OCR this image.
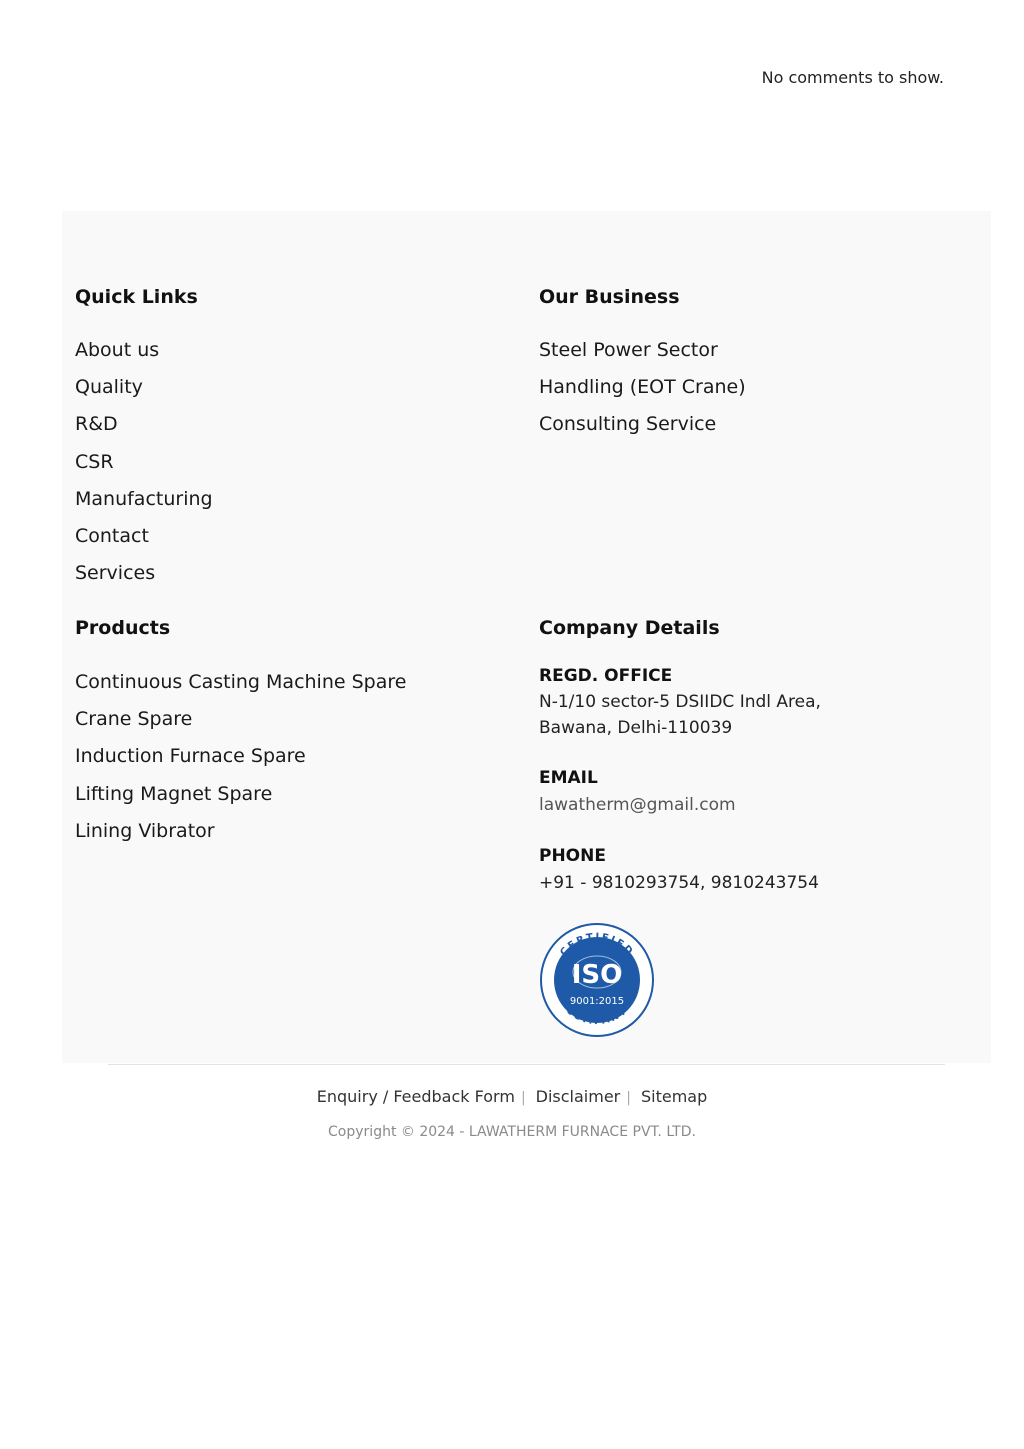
No comments to show.
Quick Links
About us
Quality
R&D
CSR
Manufacturing
Contact
Services
Our Business
Steel Power Sector
Handling (EOT Crane)
Consulting Service
Products
Continuous Casting Machine Spare
Crane Spare
Induction Furnace Spare
Lifting Magnet Spare
Lining Vibrator
Company Details
REGD. OFFICE
N-1/10 sector-5 DSIIDC Indl Area,
Bawana, Delhi-110039
EMAIL
lawatherm@gmail.com
PHONE
+91 - 9810293754, 9810243754
CERTIFIED
COMPANY
ISO
9001:2015
Enquiry / Feedback Form | Disclaimer | Sitemap
Copyright © 2024 - LAWATHERM FURNACE PVT. LTD.
